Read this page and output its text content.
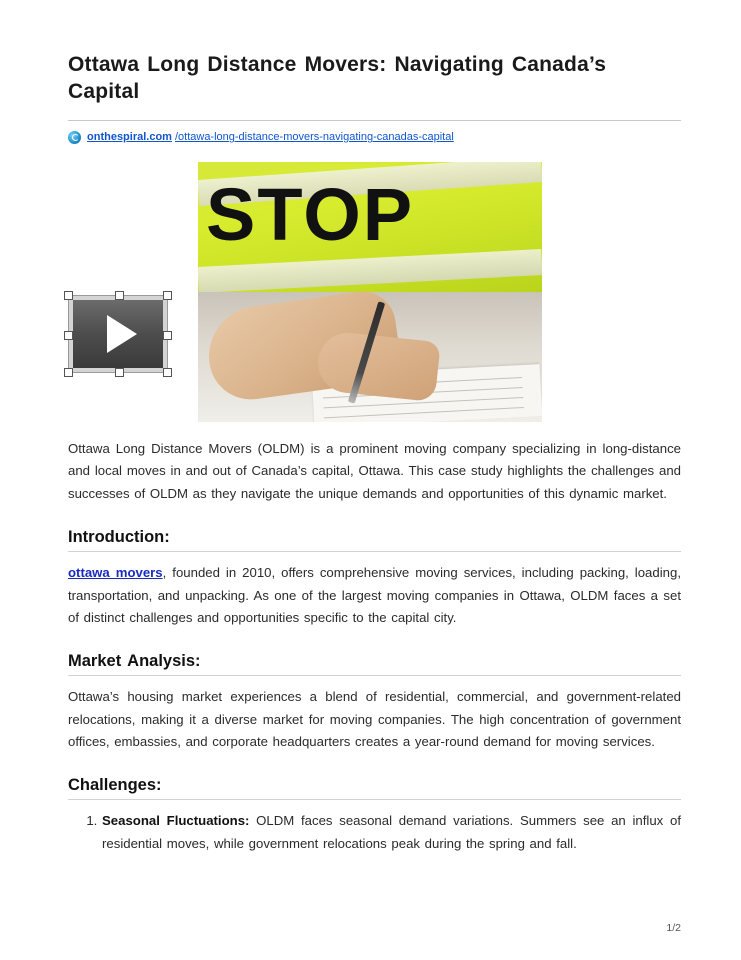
Ottawa Long Distance Movers: Navigating Canada’s Capital
onthespiral.com /ottawa-long-distance-movers-navigating-canadas-capital
STOP

Ottawa Long Distance Movers (OLDM) is a prominent moving company specializing in long-distance and local moves in and out of Canada’s capital, Ottawa. This case study highlights the challenges and successes of OLDM as they navigate the unique demands and opportunities of this dynamic market.

Introduction:

ottawa movers, founded in 2010, offers comprehensive moving services, including packing, loading, transportation, and unpacking. As one of the largest moving companies in Ottawa, OLDM faces a set of distinct challenges and opportunities specific to the capital city.

Market Analysis:

Ottawa’s housing market experiences a blend of residential, commercial, and government-related relocations, making it a diverse market for moving companies. The high concentration of government offices, embassies, and corporate headquarters creates a year-round demand for moving services.

Challenges:
1. Seasonal Fluctuations: OLDM faces seasonal demand variations. Summers see an influx of residential moves, while government relocations peak during the spring and fall.
1/2
